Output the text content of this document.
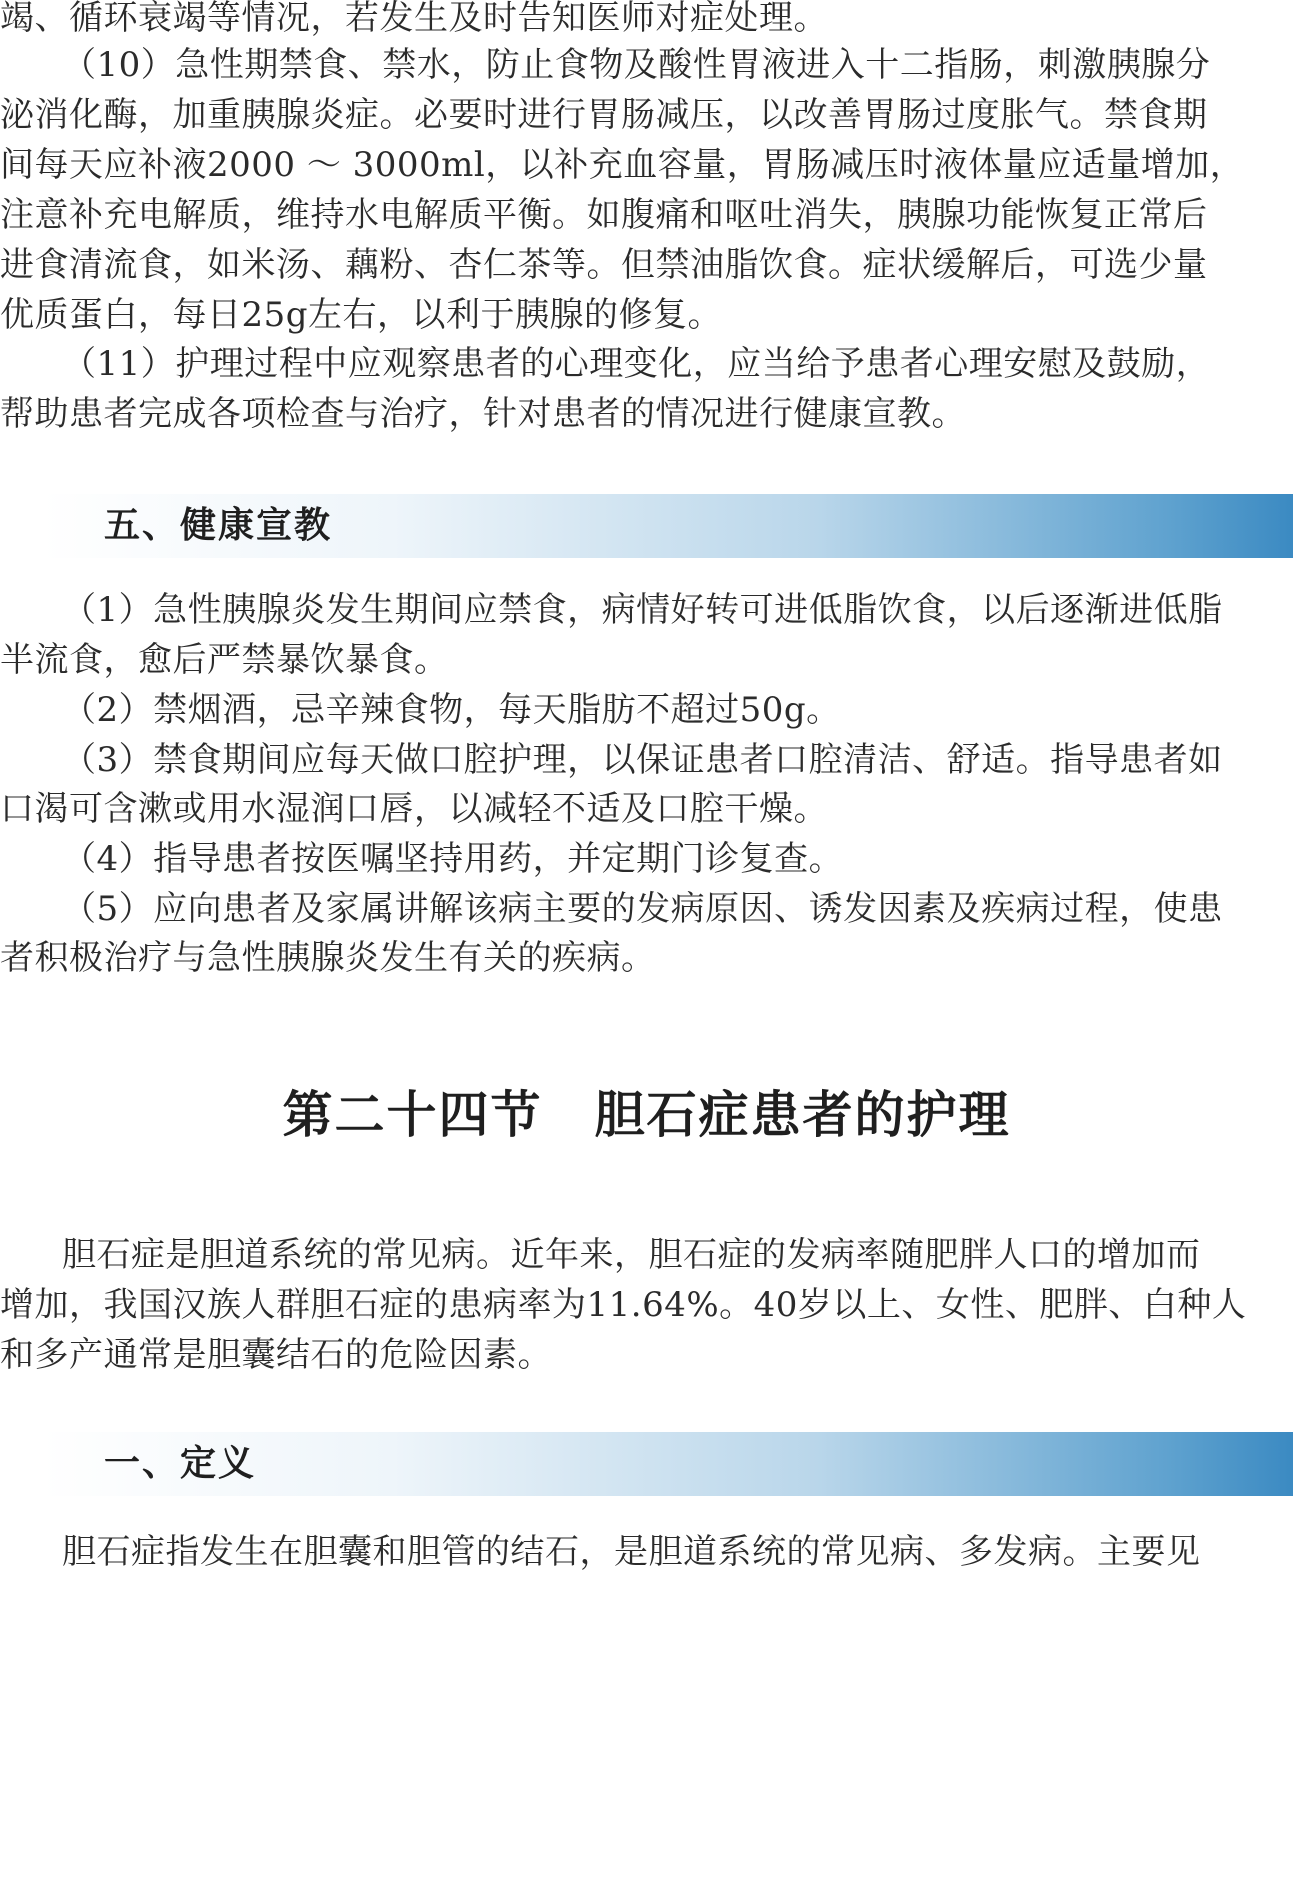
竭、循环衰竭等情况，若发生及时告知医师对症处理。
（10）急性期禁食、禁水，防止食物及酸性胃液进入十二指肠，刺激胰腺分
泌消化酶，加重胰腺炎症。必要时进行胃肠减压，以改善胃肠过度胀气。禁食期
间每天应补液2000 ～ 3000ml，以补充血容量，胃肠减压时液体量应适量增加，
注意补充电解质，维持水电解质平衡。如腹痛和呕吐消失，胰腺功能恢复正常后
进食清流食，如米汤、藕粉、杏仁茶等。但禁油脂饮食。症状缓解后，可选少量
优质蛋白，每日25g左右，以利于胰腺的修复。
（11）护理过程中应观察患者的心理变化，应当给予患者心理安慰及鼓励，
帮助患者完成各项检查与治疗，针对患者的情况进行健康宣教。
五、健康宣教
（1）急性胰腺炎发生期间应禁食，病情好转可进低脂饮食，以后逐渐进低脂
半流食，愈后严禁暴饮暴食。
（2）禁烟酒，忌辛辣食物，每天脂肪不超过50g。
（3）禁食期间应每天做口腔护理，以保证患者口腔清洁、舒适。指导患者如
口渴可含漱或用水湿润口唇，以减轻不适及口腔干燥。
（4）指导患者按医嘱坚持用药，并定期门诊复查。
（5）应向患者及家属讲解该病主要的发病原因、诱发因素及疾病过程，使患
者积极治疗与急性胰腺炎发生有关的疾病。
第二十四节　胆石症患者的护理
胆石症是胆道系统的常见病。近年来，胆石症的发病率随肥胖人口的增加而
增加，我国汉族人群胆石症的患病率为11.64%。40岁以上、女性、肥胖、白种人
和多产通常是胆囊结石的危险因素。
一、定义
胆石症指发生在胆囊和胆管的结石，是胆道系统的常见病、多发病。主要见
